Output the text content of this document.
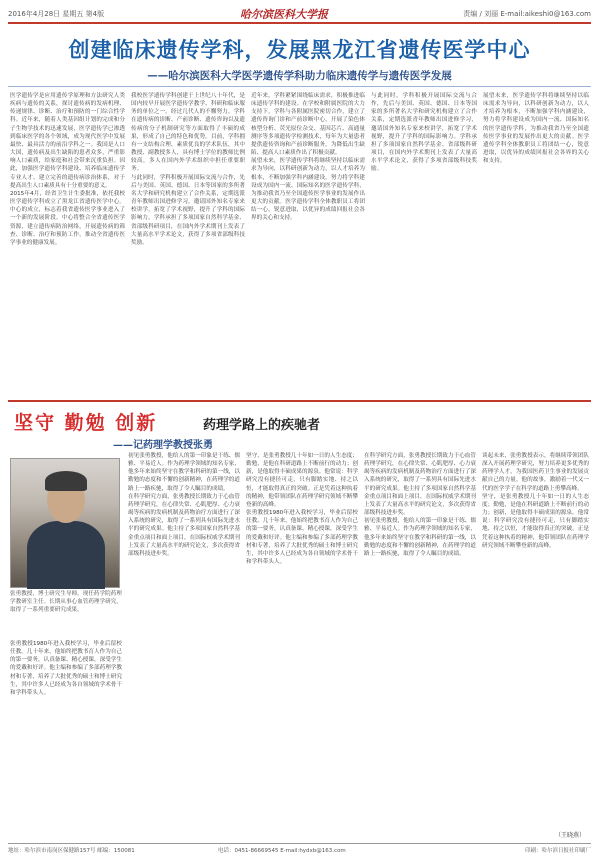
2016年4月28日 星期五 第4版	哈尔滨医科大学报	责编 / 刘丽 E-mail:aikeshi0@163.com
创建临床遗传学科，发展黑龙江省遗传医学中心
——哈尔滨医科大学医学遗传学科助力临床遗传学与遗传医学发展

医学遗传学是应用遗传学原理和方法研究人类疾病与遗传的关系，探讨遗传病的发病机理、传递规律、诊断、治疗和预防的一门综合性学科。近年来，随着人类基因组计划的完成和分子生物学技术的迅速发展，医学遗传学已渗透到临床医学的各个领域，成为现代医学中发展最快、最具活力的前沿学科之一。我国是人口大国，遗传病及出生缺陷的患者众多，严重影响人口素质，给家庭和社会带来沉重负担。因此，加强医学遗传学科建设、培养临床遗传学专业人才、建立完善的遗传病诊治体系，对于提高出生人口素质具有十分重要的意义。

2015年4月，经省卫生计生委批准，依托我校医学遗传学科成立了黑龙江省遗传医学中心。中心的成立，标志着我省遗传医学事业进入了一个新的发展阶段。中心将整合全省遗传医学资源，建立遗传病防治网络，开展遗传病的筛查、诊断、治疗和预防工作，推动全省遗传医学事业的健康发展。

我校医学遗传学科创建于上世纪八十年代，是国内较早开展医学遗传学教学、科研和临床服务的单位之一。经过几代人的不懈努力，学科在遗传病的诊断、产前诊断、遗传咨询以及遗传病的分子机制研究等方面取得了丰硕的成果，形成了自己的特色和优势。目前，学科拥有一支结构合理、素质优良的学术队伍，其中教授、副教授多人，具有博士学位的教师比例较高，多人在国内外学术组织中担任重要职务。

与此同时，学科积极开展国际交流与合作，先后与美国、英国、德国、日本等国家的多所著名大学和研究机构建立了合作关系，定期选派青年教师出国进修学习，邀请国外知名专家来校讲学，拓宽了学术视野，提升了学科的国际影响力。学科承担了多项国家自然科学基金、省部级科研项目，在国内外学术期刊上发表了大量高水平学术论文，获得了多项省部级科技奖励。

近年来，学科紧紧围绕临床需求，积极推进临床遗传学科的建设。在学校和附属医院的大力支持下，学科与各附属医院密切合作，建立了遗传咨询门诊和产前诊断中心，开展了染色体核型分析、荧光原位杂交、基因芯片、高通量测序等多项遗传学检测技术，每年为大量患者提供遗传咨询和产前诊断服务，为降低出生缺陷、提高人口素质作出了积极贡献。

展望未来，医学遗传学科将继续坚持以临床需求为导向，以科研创新为动力，以人才培养为根本，不断加强学科内涵建设，努力将学科建设成为国内一流、国际知名的医学遗传学科，为推动我省乃至全国遗传医学事业的发展作出更大的贡献。医学遗传学科全体教职员工将团结一心，锐意进取，以优异的成绩回报社会各界的关心和支持。

与此同时，学科积极开展国际交流与合作，先后与美国、英国、德国、日本等国家的多所著名大学和研究机构建立了合作关系，定期选派青年教师出国进修学习，邀请国外知名专家来校讲学，拓宽了学术视野，提升了学科的国际影响力。学科承担了多项国家自然科学基金、省部级科研项目，在国内外学术期刊上发表了大量高水平学术论文，获得了多项省部级科技奖励。

展望未来，医学遗传学科将继续坚持以临床需求为导向，以科研创新为动力，以人才培养为根本，不断加强学科内涵建设，努力将学科建设成为国内一流、国际知名的医学遗传学科，为推动我省乃至全国遗传医学事业的发展作出更大的贡献。医学遗传学科全体教职员工将团结一心，锐意进取，以优异的成绩回报社会各界的关心和支持。

坚守 勤勉 创新	药理学路上的疾驰者
——记药理学教授张勇
张勇教授，博士研究生导师，现任药学院药理学教研室主任。长期从事心血管药理学研究，取得了一系列重要研究成果。

张勇教授1980年进入我校学习，毕业后留校任教。几十年来，他始终把教书育人作为自己的第一要务，认真备课、精心授课，深受学生的爱戴和好评。他主编和参编了多部药理学教材和专著，培养了大批优秀的硕士和博士研究生，其中许多人已经成为各自领域的学术骨干和学科带头人。

初见张勇教授，他给人的第一印象是干练、儒雅、平易近人。作为药理学领域的知名专家，他多年来始终坚守在教学和科研的第一线，以勤勉的态度和不懈的创新精神，在药理学的道路上一路疾驰，取得了令人瞩目的成绩。

在科学研究方面，张勇教授长期致力于心血管药理学研究，在心律失常、心肌肥厚、心力衰竭等疾病的发病机制及药物治疗方面进行了深入系统的研究，取得了一系列具有国际先进水平的研究成果。他主持了多项国家自然科学基金重点项目和面上项目，在国际权威学术期刊上发表了大量高水平的研究论文，多次获得省部级科技进步奖。

坚守，是张勇教授几十年如一日的人生态度；勤勉，是他在科研道路上不断前行的动力；创新，是他取得丰硕成果的源泉。他常说：科学研究没有捷径可走，只有脚踏实地、持之以恒，才能取得真正的突破。正是凭着这种执着的精神，他带领团队在药理学研究领域不断攀登新的高峰。

张勇教授1980年进入我校学习，毕业后留校任教。几十年来，他始终把教书育人作为自己的第一要务，认真备课、精心授课，深受学生的爱戴和好评。他主编和参编了多部药理学教材和专著，培养了大批优秀的硕士和博士研究生，其中许多人已经成为各自领域的学术骨干和学科带头人。

在科学研究方面，张勇教授长期致力于心血管药理学研究，在心律失常、心肌肥厚、心力衰竭等疾病的发病机制及药物治疗方面进行了深入系统的研究，取得了一系列具有国际先进水平的研究成果。他主持了多项国家自然科学基金重点项目和面上项目，在国际权威学术期刊上发表了大量高水平的研究论文，多次获得省部级科技进步奖。

初见张勇教授，他给人的第一印象是干练、儒雅、平易近人。作为药理学领域的知名专家，他多年来始终坚守在教学和科研的第一线，以勤勉的态度和不懈的创新精神，在药理学的道路上一路疾驰，取得了令人瞩目的成绩。

谈起未来，张勇教授表示，将继续带领团队深入开展药理学研究，努力培养更多优秀的药理学人才，为我国医药卫生事业的发展贡献自己的力量。他的故事，激励着一代又一代的医学学子在科学的道路上勇攀高峰。

坚守，是张勇教授几十年如一日的人生态度；勤勉，是他在科研道路上不断前行的动力；创新，是他取得丰硕成果的源泉。他常说：科学研究没有捷径可走，只有脚踏实地、持之以恒，才能取得真正的突破。正是凭着这种执着的精神，他带领团队在药理学研究领域不断攀登新的高峰。

（王晓燕）
地址：哈尔滨市南岗区保健路157号 邮编：150081	电话：0451-86669545 E-mail:hydxb@163.com	印刷：哈尔滨日报社印刷厂
